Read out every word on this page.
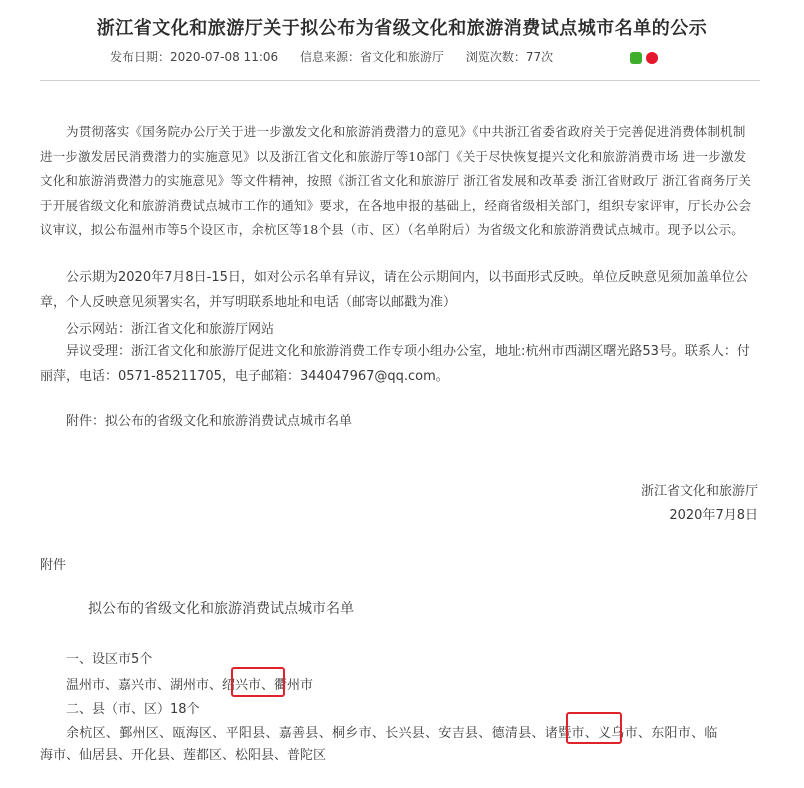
浙江省文化和旅游厅关于拟公布为省级文化和旅游消费试点城市名单的公示
发布日期：2020-07-08 11:06 信息来源：省文化和旅游厅 浏览次数：77次
为贯彻落实《国务院办公厅关于进一步激发文化和旅游消费潜力的意见》《中共浙江省委省政府关于完善促进消费体制机制 进一步激发居民消费潜力的实施意见》以及浙江省文化和旅游厅等10部门《关于尽快恢复提兴文化和旅游消费市场 进一步激发文化和旅游消费潜力的实施意见》等文件精神，按照《浙江省文化和旅游厅 浙江省发展和改革委 浙江省财政厅 浙江省商务厅关于开展省级文化和旅游消费试点城市工作的通知》要求，在各地申报的基础上，经商省级相关部门，组织专家评审，厅长办公会议审议，拟公布温州市等5个设区市，余杭区等18个县（市、区）（名单附后）为省级文化和旅游消费试点城市。现予以公示。
公示期为2020年7月8日-15日，如对公示名单有异议，请在公示期间内，以书面形式反映。单位反映意见须加盖单位公章，个人反映意见须署实名，并写明联系地址和电话（邮寄以邮戳为准）
公示网站：浙江省文化和旅游厅网站
异议受理：浙江省文化和旅游厅促进文化和旅游消费工作专项小组办公室，地址:杭州市西湖区曙光路53号。联系人：付丽萍，电话：0571-85211705，电子邮箱：344047967@qq.com。
附件：拟公布的省级文化和旅游消费试点城市名单
浙江省文化和旅游厅
2020年7月8日
附件
拟公布的省级文化和旅游消费试点城市名单
一、设区市5个
温州市、嘉兴市、湖州市、绍兴市、衢州市
二、县（市、区）18个
余杭区、鄞州区、瓯海区、平阳县、嘉善县、桐乡市、长兴县、安吉县、德清县、诸暨市、义乌市、东阳市、临
海市、仙居县、开化县、莲都区、松阳县、普陀区
